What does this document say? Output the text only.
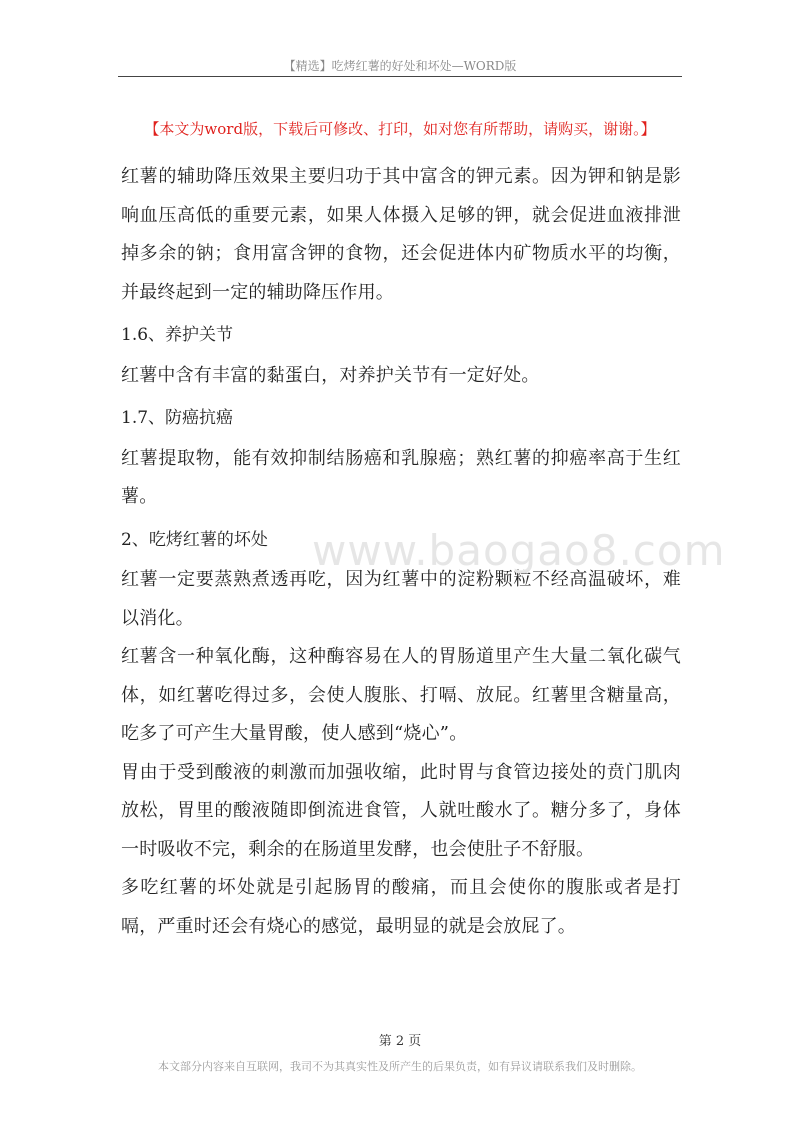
【精选】吃烤红薯的好处和坏处—WORD版
【本文为word版，下载后可修改、打印，如对您有所帮助，请购买，谢谢。】

红薯的辅助降压效果主要归功于其中富含的钾元素。因为钾和钠是影响血压高低的重要元素，如果人体摄入足够的钾，就会促进血液排泄掉多余的钠；食用富含钾的食物，还会促进体内矿物质水平的均衡，并最终起到一定的辅助降压作用。

1.6、养护关节

红薯中含有丰富的黏蛋白，对养护关节有一定好处。

1.7、防癌抗癌

红薯提取物，能有效抑制结肠癌和乳腺癌；熟红薯的抑癌率高于生红薯。

2、吃烤红薯的坏处

红薯一定要蒸熟煮透再吃，因为红薯中的淀粉颗粒不经高温破坏，难以消化。

红薯含一种氧化酶，这种酶容易在人的胃肠道里产生大量二氧化碳气体，如红薯吃得过多，会使人腹胀、打嗝、放屁。红薯里含糖量高，吃多了可产生大量胃酸，使人感到“烧心”。

胃由于受到酸液的刺激而加强收缩，此时胃与食管边接处的贲门肌肉放松，胃里的酸液随即倒流进食管，人就吐酸水了。糖分多了，身体一时吸收不完，剩余的在肠道里发酵，也会使肚子不舒服。

多吃红薯的坏处就是引起肠胃的酸痛，而且会使你的腹胀或者是打嗝，严重时还会有烧心的感觉，最明显的就是会放屁了。

www.baogao8.com
第 2 页
本文部分内容来自互联网，我司不为其真实性及所产生的后果负责，如有异议请联系我们及时删除。
